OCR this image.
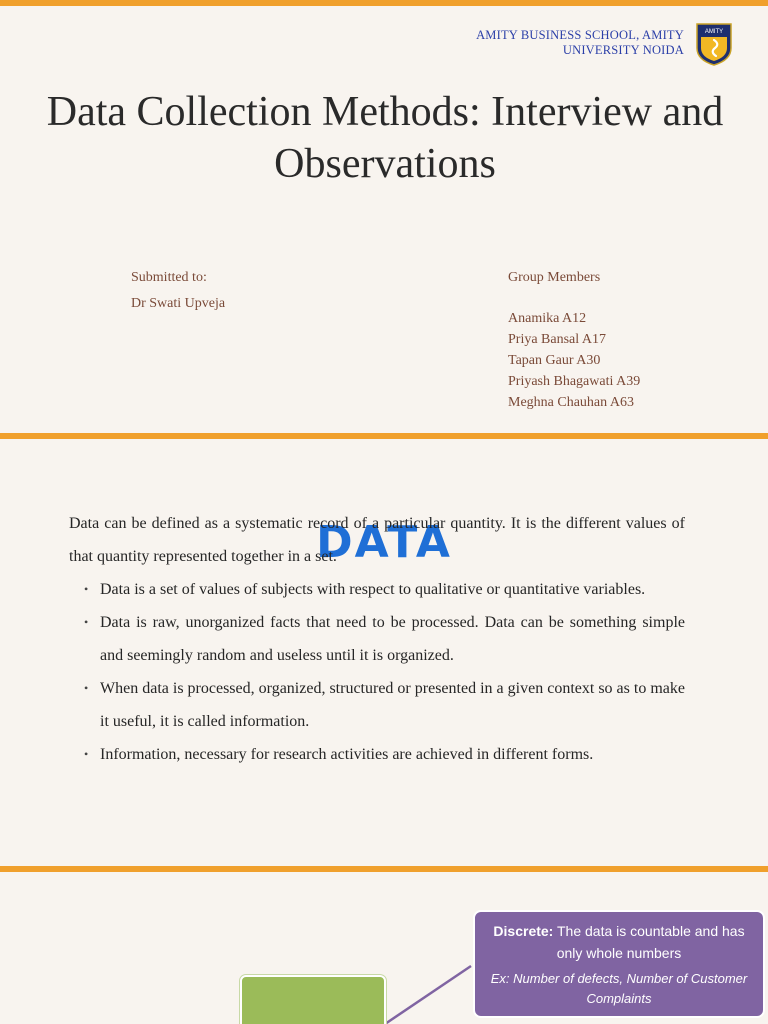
AMITY BUSINESS SCHOOL, AMITY UNIVERSITY NOIDA
AMITY
Data Collection Methods: Interview and Observations
Submitted to:
Dr Swati Upveja
Group Members
Anamika A12
Priya Bansal A17
Tapan Gaur A30
Priyash Bhagawati A39
Meghna Chauhan A63
DATA
Data can be defined as a systematic record of a particular quantity. It is the different values of that quantity represented together in a set.
• Data is a set of values of subjects with respect to qualitative or quantitative variables.
• Data is raw, unorganized facts that need to be processed. Data can be something simple and seemingly random and useless until it is organized.
• When data is processed, organized, structured or presented in a given context so as to make it useful, it is called information.
• Information, necessary for research activities are achieved in different forms.
Discrete: The data is countable and has only whole numbers
Ex: Number of defects, Number of Customer Complaints
